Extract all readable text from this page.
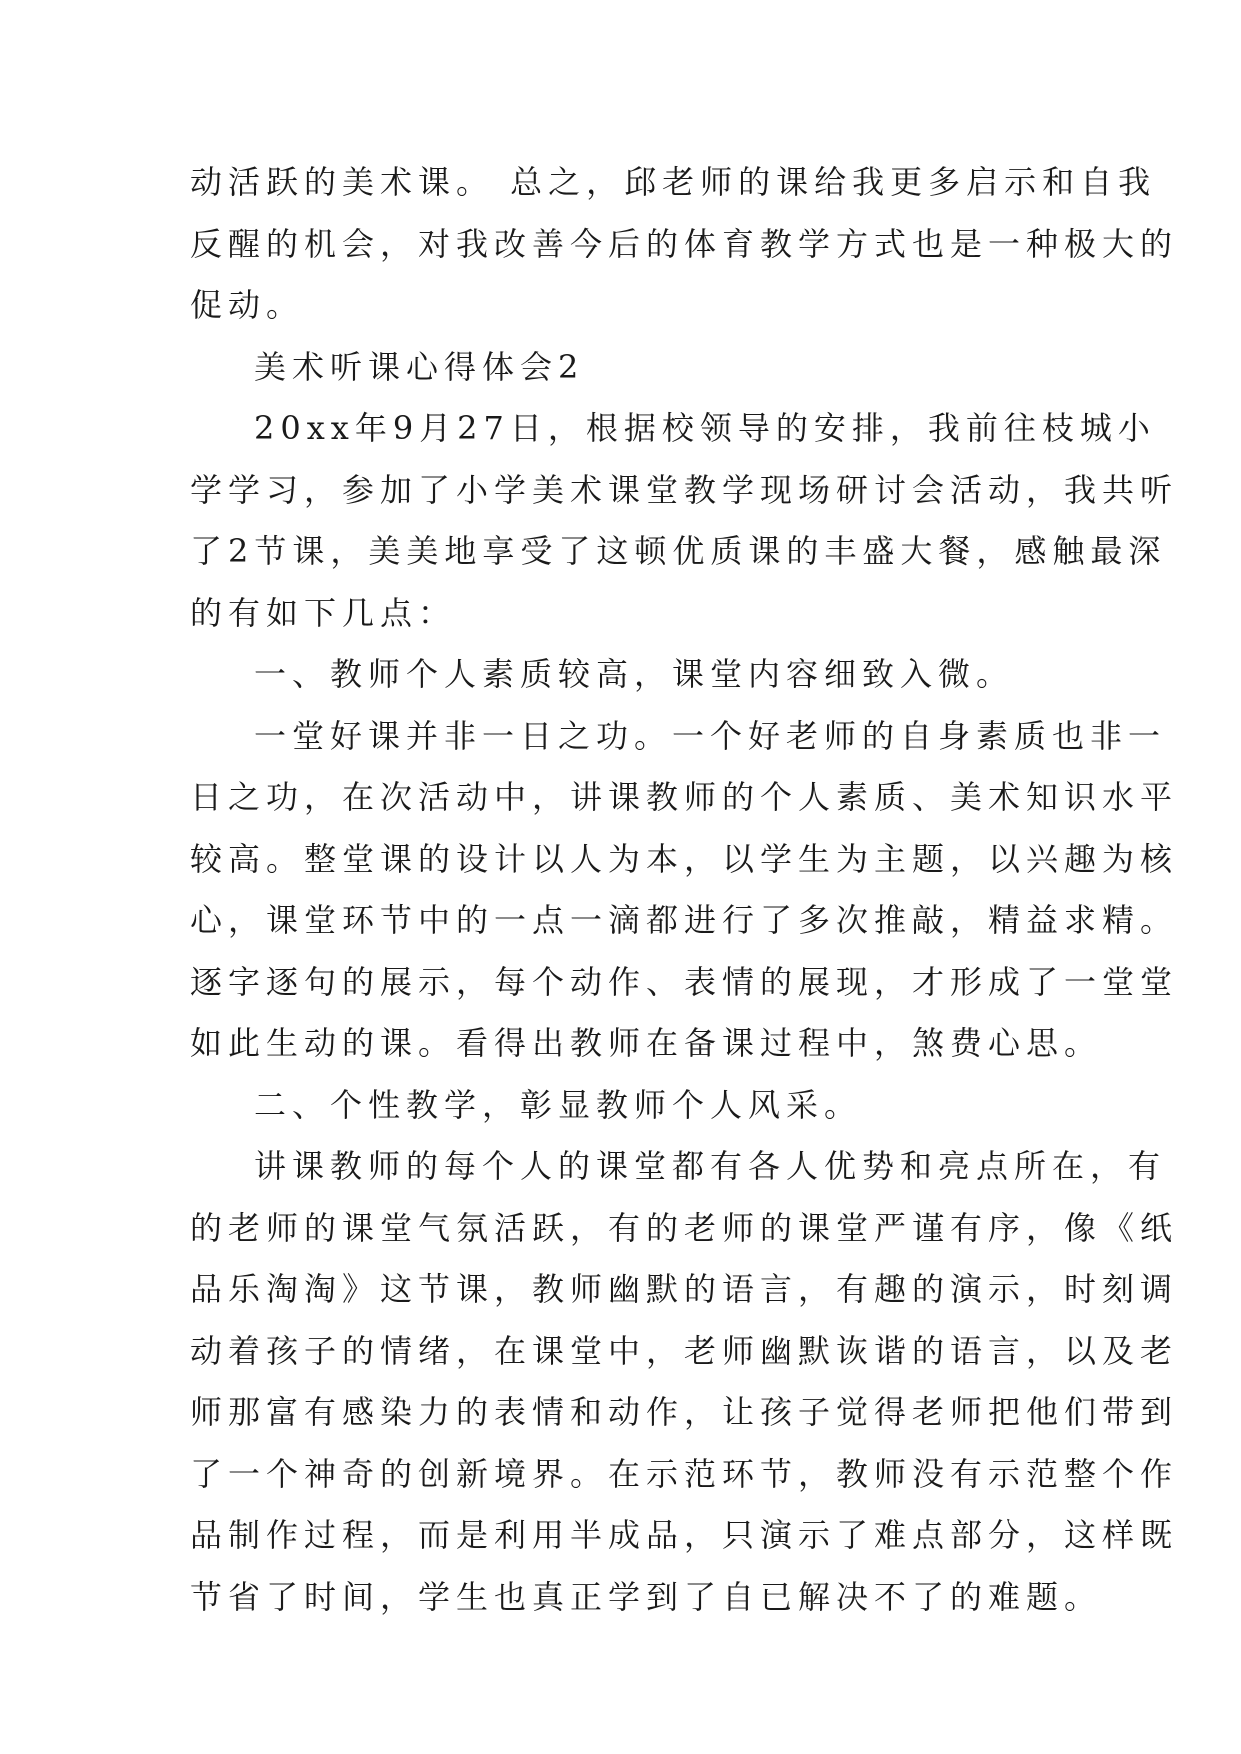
动活跃的美术课。 总之，邱老师的课给我更多启示和自我
反醒的机会，对我改善今后的体育教学方式也是一种极大的
促动。
美术听课心得体会2
20xx年9月27日，根据校领导的安排，我前往枝城小
学学习，参加了小学美术课堂教学现场研讨会活动，我共听
了2节课，美美地享受了这顿优质课的丰盛大餐，感触最深
的有如下几点：
一、教师个人素质较高，课堂内容细致入微。
一堂好课并非一日之功。一个好老师的自身素质也非一
日之功，在次活动中，讲课教师的个人素质、美术知识水平
较高。整堂课的设计以人为本，以学生为主题，以兴趣为核
心，课堂环节中的一点一滴都进行了多次推敲，精益求精。
逐字逐句的展示，每个动作、表情的展现，才形成了一堂堂
如此生动的课。看得出教师在备课过程中，煞费心思。
二、个性教学，彰显教师个人风采。
讲课教师的每个人的课堂都有各人优势和亮点所在，有
的老师的课堂气氛活跃，有的老师的课堂严谨有序，像《纸
品乐淘淘》这节课，教师幽默的语言，有趣的演示，时刻调
动着孩子的情绪，在课堂中，老师幽默诙谐的语言，以及老
师那富有感染力的表情和动作，让孩子觉得老师把他们带到
了一个神奇的创新境界。在示范环节，教师没有示范整个作
品制作过程，而是利用半成品，只演示了难点部分，这样既
节省了时间，学生也真正学到了自已解决不了的难题。
